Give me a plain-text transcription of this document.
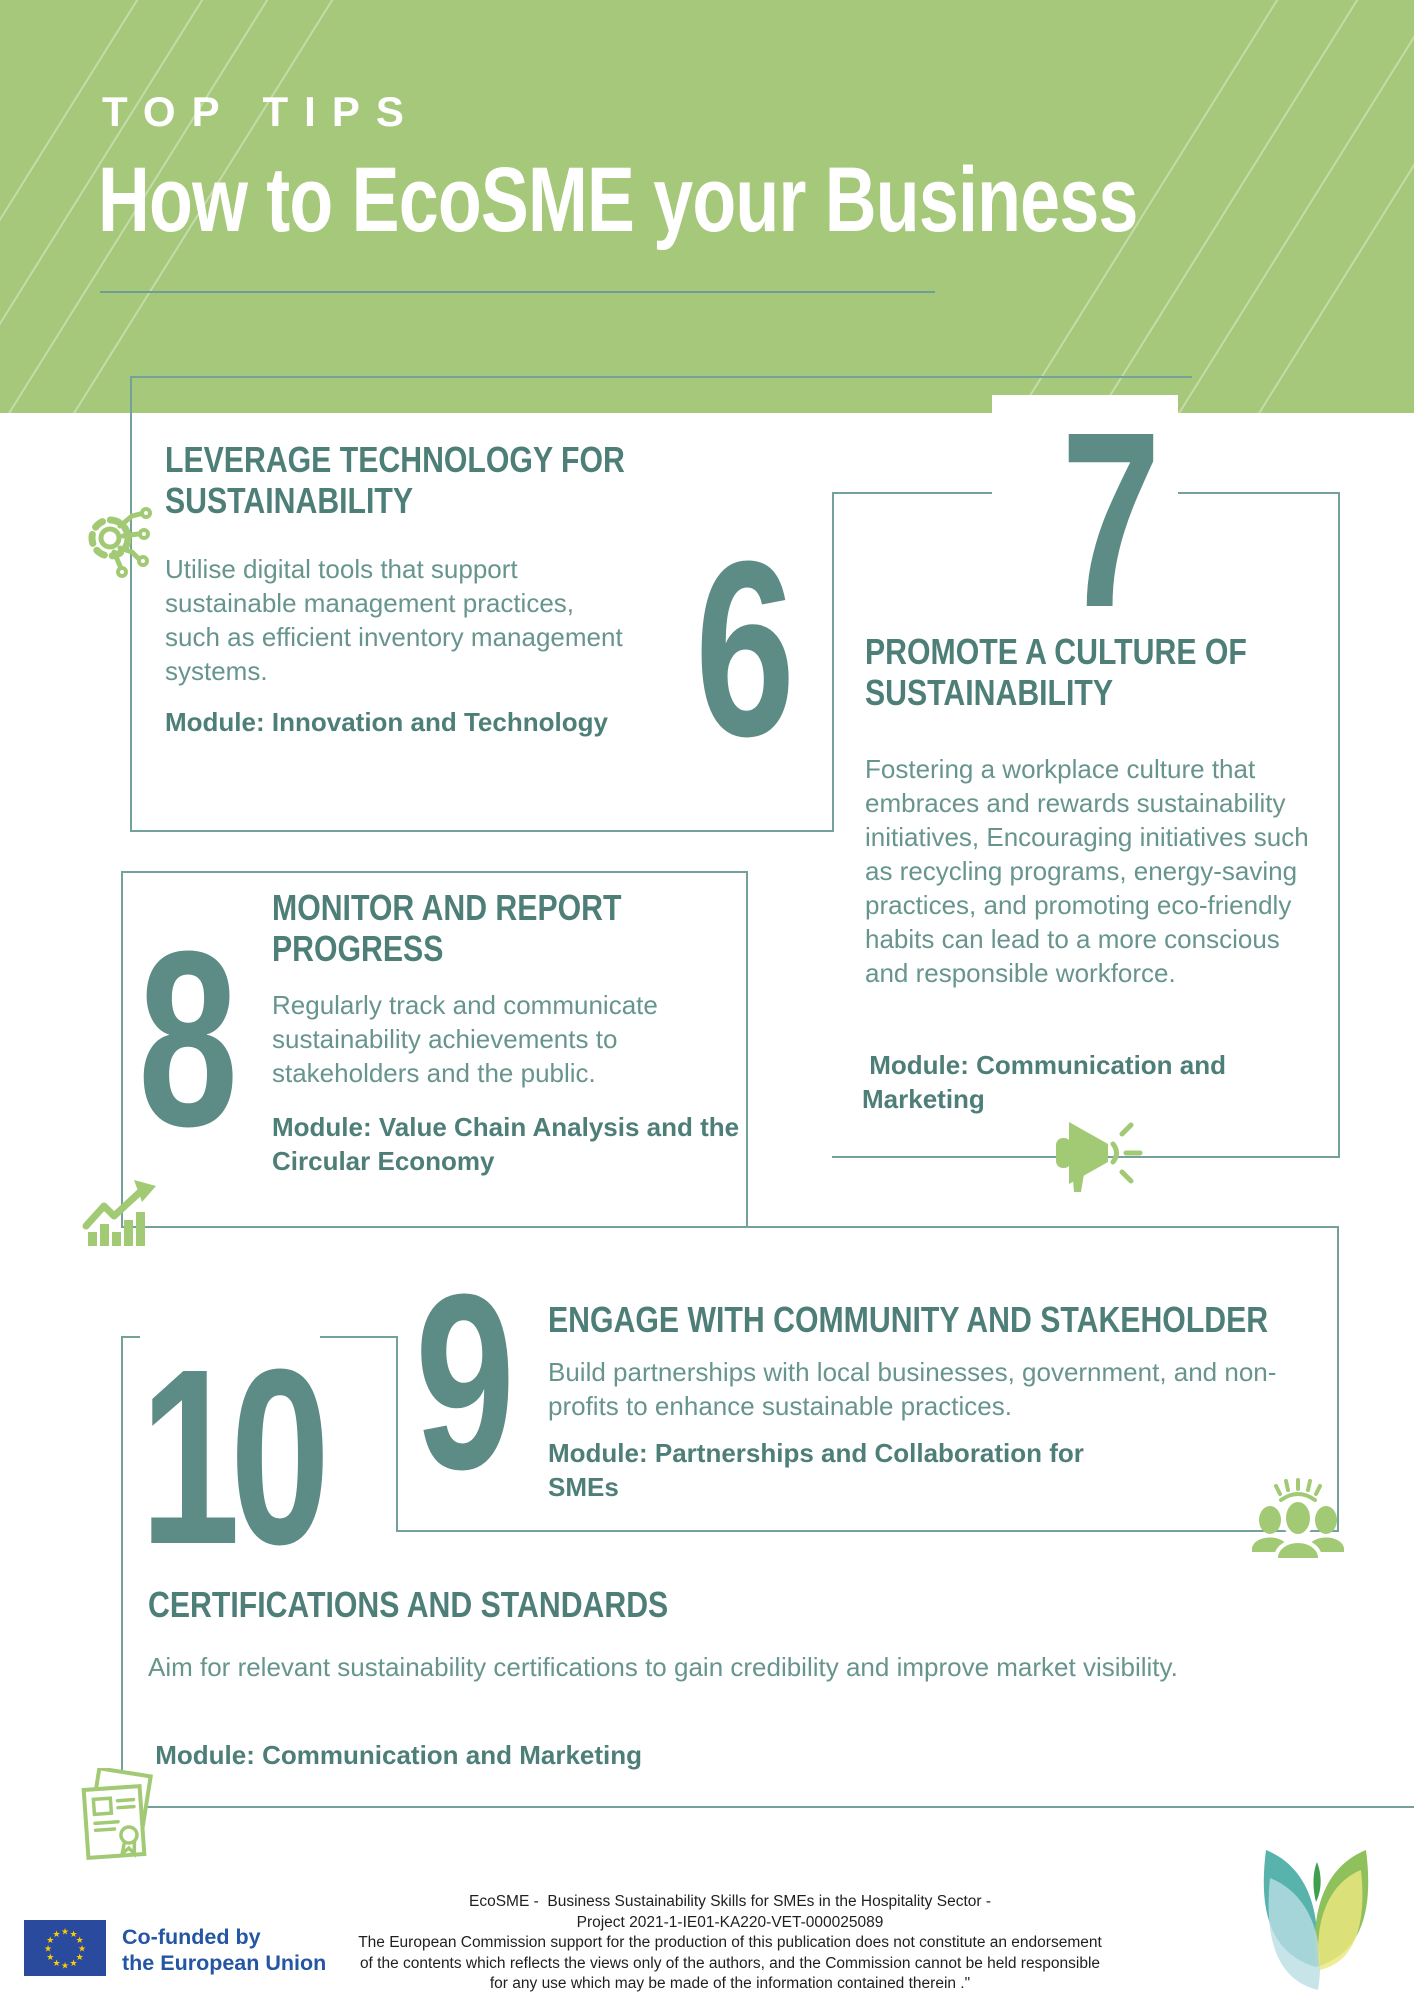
TOP TIPS
How to EcoSME your Business
LEVERAGE TECHNOLOGY FOR SUSTAINABILITY
Utilise digital tools that support sustainable management practices, such as efficient inventory management systems.
Module: Innovation and Technology 6 7
PROMOTE A CULTURE OF SUSTAINABILITY
Fostering a workplace culture that embraces and rewards sustainability initiatives, Encouraging initiatives such as recycling programs, energy-saving practices, and promoting eco-friendly habits can lead to a more conscious and responsible workforce.
Module: Communication and Marketing
8 MONITOR AND REPORT PROGRESS
Regularly track and communicate sustainability achievements to stakeholders and the public.
Module: Value Chain Analysis and the Circular Economy
9 ENGAGE WITH COMMUNITY AND STAKEHOLDER
Build partnerships with local businesses, government, and non-profits to enhance sustainable practices.
Module: Partnerships and Collaboration for SMEs
10
CERTIFICATIONS AND STANDARDS
Aim for relevant sustainability certifications to gain credibility and improve market visibility.
Module: Communication and Marketing
★ ★
★
★
★
★
★
★
★
★
★
★	Co-funded by
the European Union
EcoSME -  Business Sustainability Skills for SMEs in the Hospitality Sector -
Project 2021-1-IE01-KA220-VET-000025089
The European Commission support for the production of this publication does not constitute an endorsement
of the contents which reflects the views only of the authors, and the Commission cannot be held responsible
for any use which may be made of the information contained therein ."
